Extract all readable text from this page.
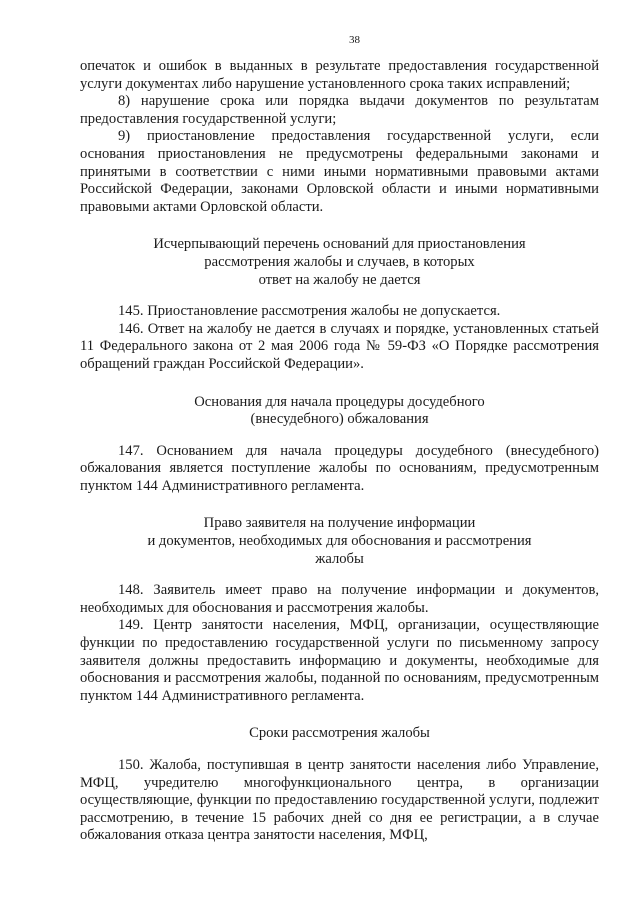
38

опечаток и ошибок в выданных в результате предоставления государственной услуги документах либо нарушение установленного срока таких исправлений;

8) нарушение срока или порядка выдачи документов по результатам предоставления государственной услуги;

9) приостановление предоставления государственной услуги, если основания приостановления не предусмотрены федеральными законами и принятыми в соответствии с ними иными нормативными правовыми актами Российской Федерации, законами Орловской области и иными нормативными правовыми актами Орловской области.

Исчерпывающий перечень оснований для приостановления
рассмотрения жалобы и случаев, в которых
ответ на жалобу не дается

145. Приостановление рассмотрения жалобы не допускается.

146. Ответ на жалобу не дается в случаях и порядке, установленных статьей 11 Федерального закона от 2 мая 2006 года № 59-ФЗ «О Порядке рассмотрения обращений граждан Российской Федерации».

Основания для начала процедуры досудебного
(внесудебного) обжалования

147. Основанием для начала процедуры досудебного (внесудебного) обжалования является поступление жалобы по основаниям, предусмотренным пунктом 144 Административного регламента.

Право заявителя на получение информации
и документов, необходимых для обоснования и рассмотрения
жалобы

148. Заявитель имеет право на получение информации и документов, необходимых для обоснования и рассмотрения жалобы.

149. Центр занятости населения, МФЦ, организации, осуществляющие функции по предоставлению государственной услуги по письменному запросу заявителя должны предоставить информацию и документы, необходимые для обоснования и рассмотрения жалобы, поданной по основаниям, предусмотренным пунктом 144 Административного регламента.

Сроки рассмотрения жалобы

150. Жалоба, поступившая в центр занятости населения либо Управление, МФЦ, учредителю многофункционального центра, в организации осуществляющие, функции по предоставлению государственной услуги, подлежит рассмотрению, в течение 15 рабочих дней со дня ее регистрации, а в случае обжалования отказа центра занятости населения, МФЦ,
